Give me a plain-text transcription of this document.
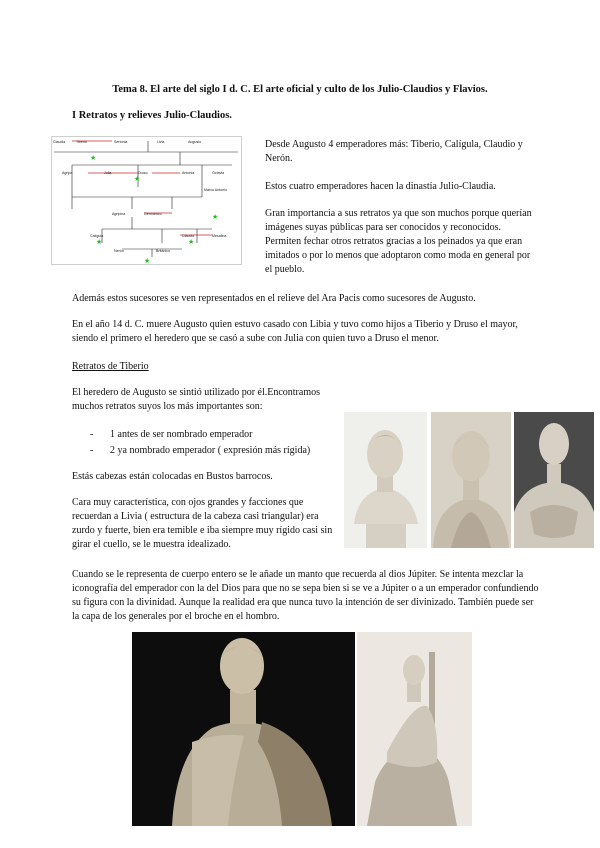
Tema 8. El arte del siglo I d. C. El arte oficial y culto de los Julio-Claudios y Flavios.
I Retratos y relieves Julio-Claudios.
Claudia	Tiberio	Sertonia	Livia	Augusto
Agripa	Julia	Druso	Antonia	Octavia
Marco Antonio
Germánico
Agripina
Calígula	Claudio
Nerón	Británico
Mesalina
★
★
★
★	★
★
Desde Augusto 4 emperadores más: Tiberio, Calígula, Claudio y Nerón.
Estos cuatro emperadores hacen la dinastía Julio-Claudia.
Gran importancia a sus retratos ya que son muchos porque querían imágenes suyas públicas para ser conocidos y reconocidos. Permiten fechar otros retratos gracias a los peinados ya que eran imitados o por lo menos que adoptaron como moda en general por el pueblo.
Además estos sucesores se ven representados en el relieve del Ara Pacis como sucesores de Augusto.
En el año 14 d. C. muere Augusto quien estuvo casado con Libia y tuvo como hijos a Tiberio y Druso el mayor, siendo el primero el heredero que se casó a sube con Julia con quien tuvo a Druso el menor.
Retratos de Tiberio
El heredero de Augusto se sintió utilizado por él.Encontramos muchos retratos suyos los más importantes son:
- 1 antes de ser nombrado emperador
- 2 ya nombrado emperador ( expresión más rígida)
Estás cabezas están colocadas en Bustos barrocos.
Cara muy característica, con ojos grandes y facciones que recuerdan a Livia ( estructura de la cabeza casi triangular) era zurdo y fuerte, bien era temible e iba siempre muy rígido casi sin girar el cuello, se le muestra idealizado.
Cuando se le representa de cuerpo entero se le añade un manto que recuerda al dios Júpiter. Se intenta mezclar la iconografía del emperador con la del Dios para que no se sepa bien si se ve a Júpiter o a un emperador confundiendo su figura con la divinidad. Aunque la realidad era que nunca tuvo la intención de ser divinizado. También puede ser la capa de los generales por el broche en el hombro.
